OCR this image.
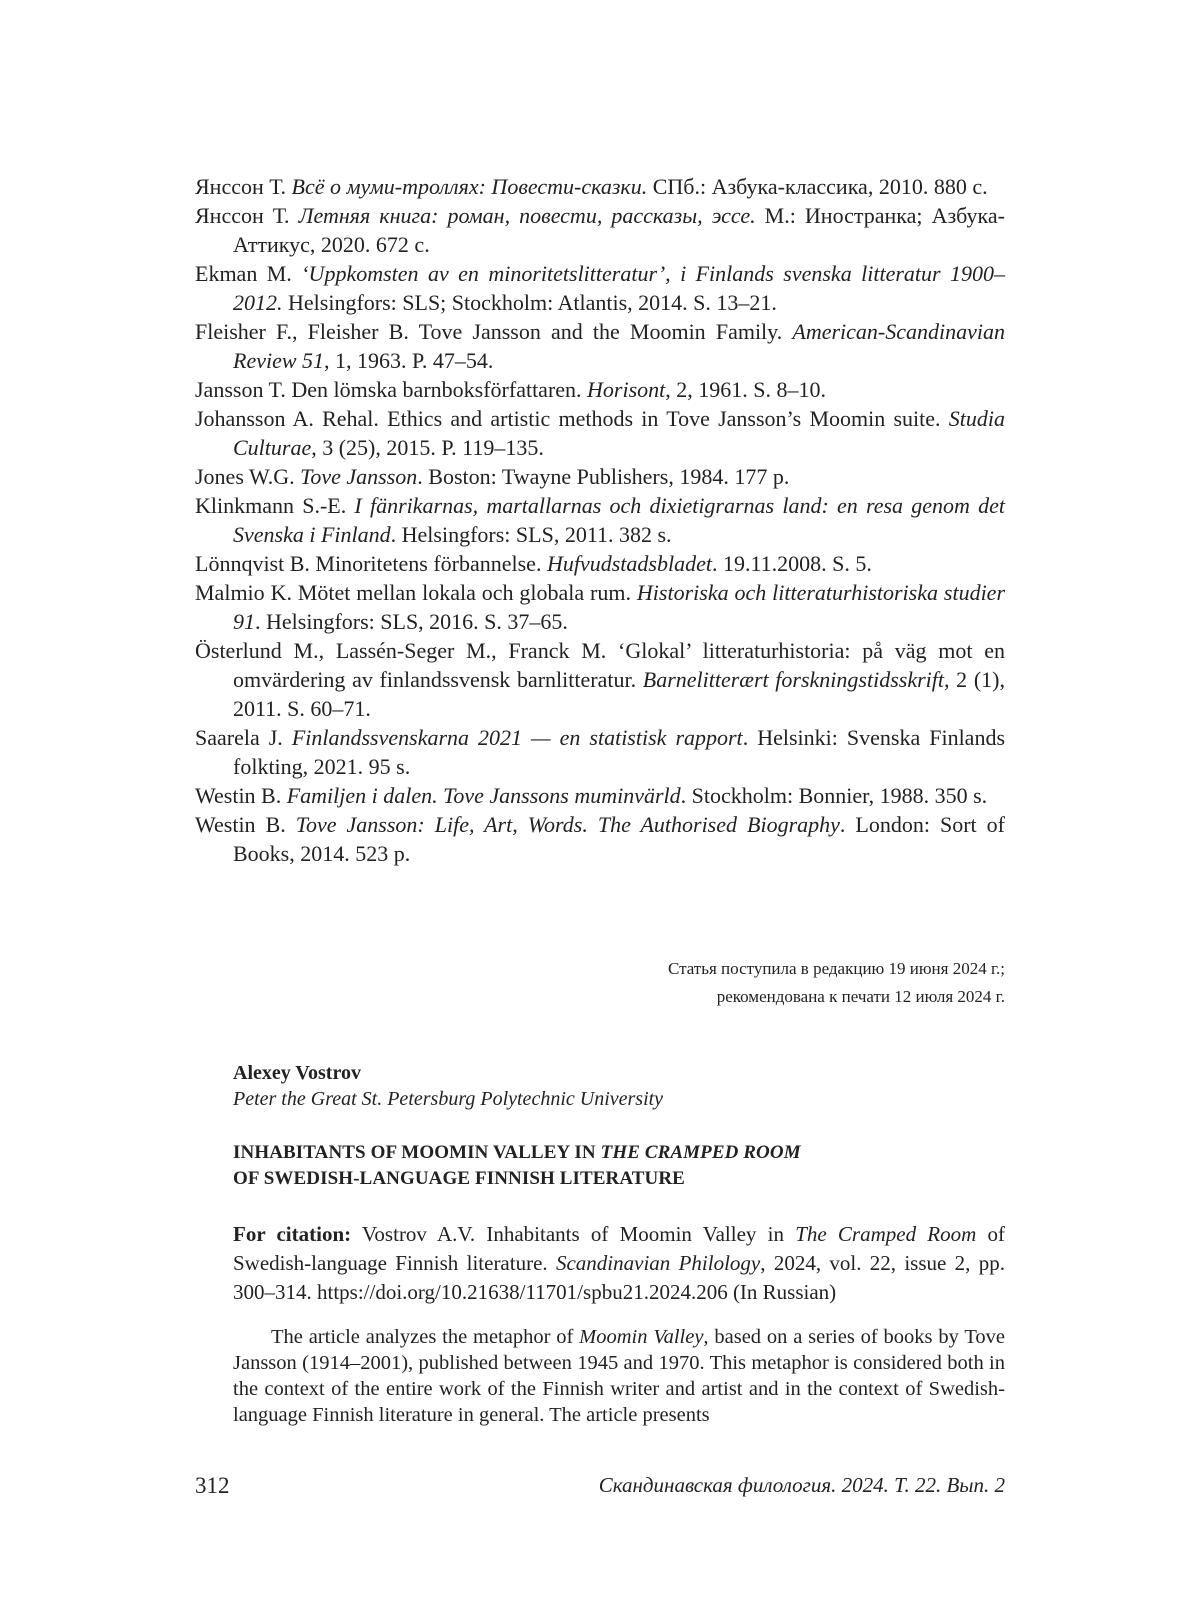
Янссон Т. Всё о муми-троллях: Повести-сказки. СПб.: Азбука-классика, 2010. 880 с.

Янссон Т. Летняя книга: роман, повести, рассказы, эссе. М.: Иностранка; Азбука-Аттикус, 2020. 672 с.

Ekman M. ‘Uppkomsten av en minoritetslitteratur’, i Finlands svenska litteratur 1900–2012. Helsingfors: SLS; Stockholm: Atlantis, 2014. S. 13–21.

Fleisher F., Fleisher B. Tove Jansson and the Moomin Family. American-Scandinavian Review 51, 1, 1963. P. 47–54.

Jansson T. Den lömska barnboksförfattaren. Horisont, 2, 1961. S. 8–10.

Johansson A. Rehal. Ethics and artistic methods in Tove Jansson’s Moomin suite. Studia Culturae, 3 (25), 2015. P. 119–135.

Jones W.G. Tove Jansson. Boston: Twayne Publishers, 1984. 177 p.

Klinkmann S.-E. I fänrikarnas, martallarnas och dixietigrarnas land: en resa genom det Svenska i Finland. Helsingfors: SLS, 2011. 382 s.

Lönnqvist B. Minoritetens förbannelse. Hufvudstadsbladet. 19.11.2008. S. 5.

Malmio K. Mötet mellan lokala och globala rum. Historiska och litteraturhistoriska studier 91. Helsingfors: SLS, 2016. S. 37–65.

Österlund M., Lassén-Seger M., Franck M. ‘Glokal’ litteraturhistoria: på väg mot en omvärdering av finlandssvensk barnlitteratur. Barnelitterært forskningstidsskrift, 2 (1), 2011. S. 60–71.

Saarela J. Finlandssvenskarna 2021 — en statistisk rapport. Helsinki: Svenska Finlands folkting, 2021. 95 s.

Westin B. Familjen i dalen. Tove Janssons muminvärld. Stockholm: Bonnier, 1988. 350 s.

Westin B. Tove Jansson: Life, Art, Words. The Authorised Biography. London: Sort of Books, 2014. 523 p.

Статья поступила в редакцию 19 июня 2024 г.;
рекомендована к печати 12 июля 2024 г.
Alexey Vostrov
Peter the Great St. Petersburg Polytechnic University
INHABITANTS OF MOOMIN VALLEY IN THE CRAMPED ROOM
OF SWEDISH-LANGUAGE FINNISH LITERATURE
For citation: Vostrov A.V. Inhabitants of Moomin Valley in The Cramped Room of Swedish-language Finnish literature. Scandinavian Philology, 2024, vol. 22, issue 2, pp. 300–314. https://doi.org/10.21638/11701/spbu21.2024.206 (In Russian)
The article analyzes the metaphor of Moomin Valley, based on a series of books by Tove Jansson (1914–2001), published between 1945 and 1970. This metaphor is considered both in the context of the entire work of the Finnish writer and artist and in the context of Swedish-language Finnish literature in general. The article presents
312	Скандинавская филология. 2024. Т. 22. Вып. 2
